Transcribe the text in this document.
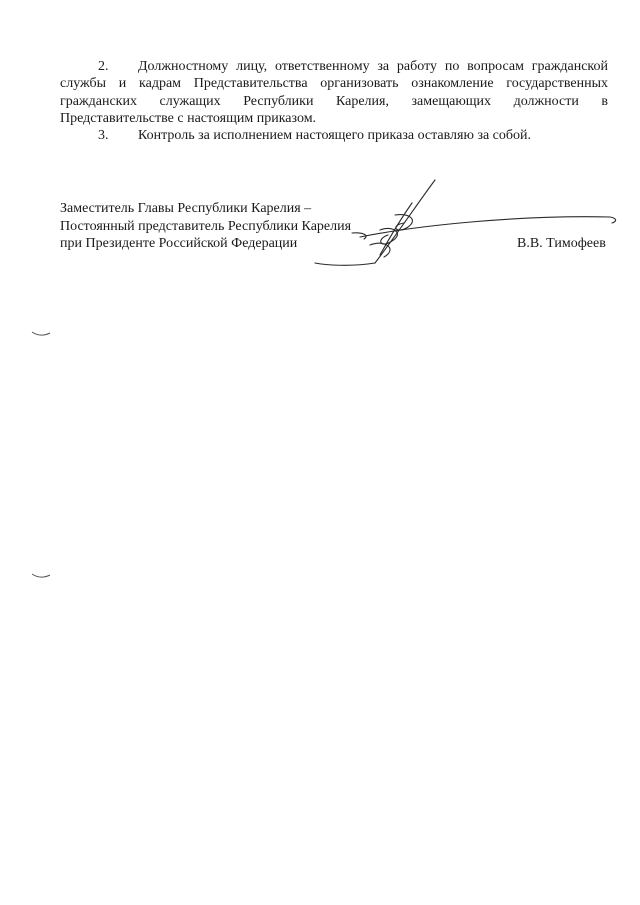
2. Должностному лицу, ответственному за работу по вопросам гражданской службы и кадрам Представительства организовать ознакомление государственных гражданских служащих Республики Карелия, замещающих должности в Представительстве с настоящим приказом.

3. Контроль за исполнением настоящего приказа оставляю за собой.

Заместитель Главы Республики Карелия –
Постоянный представитель Республики Карелия
при Президенте Российской Федерации	В.В. Тимофеев
